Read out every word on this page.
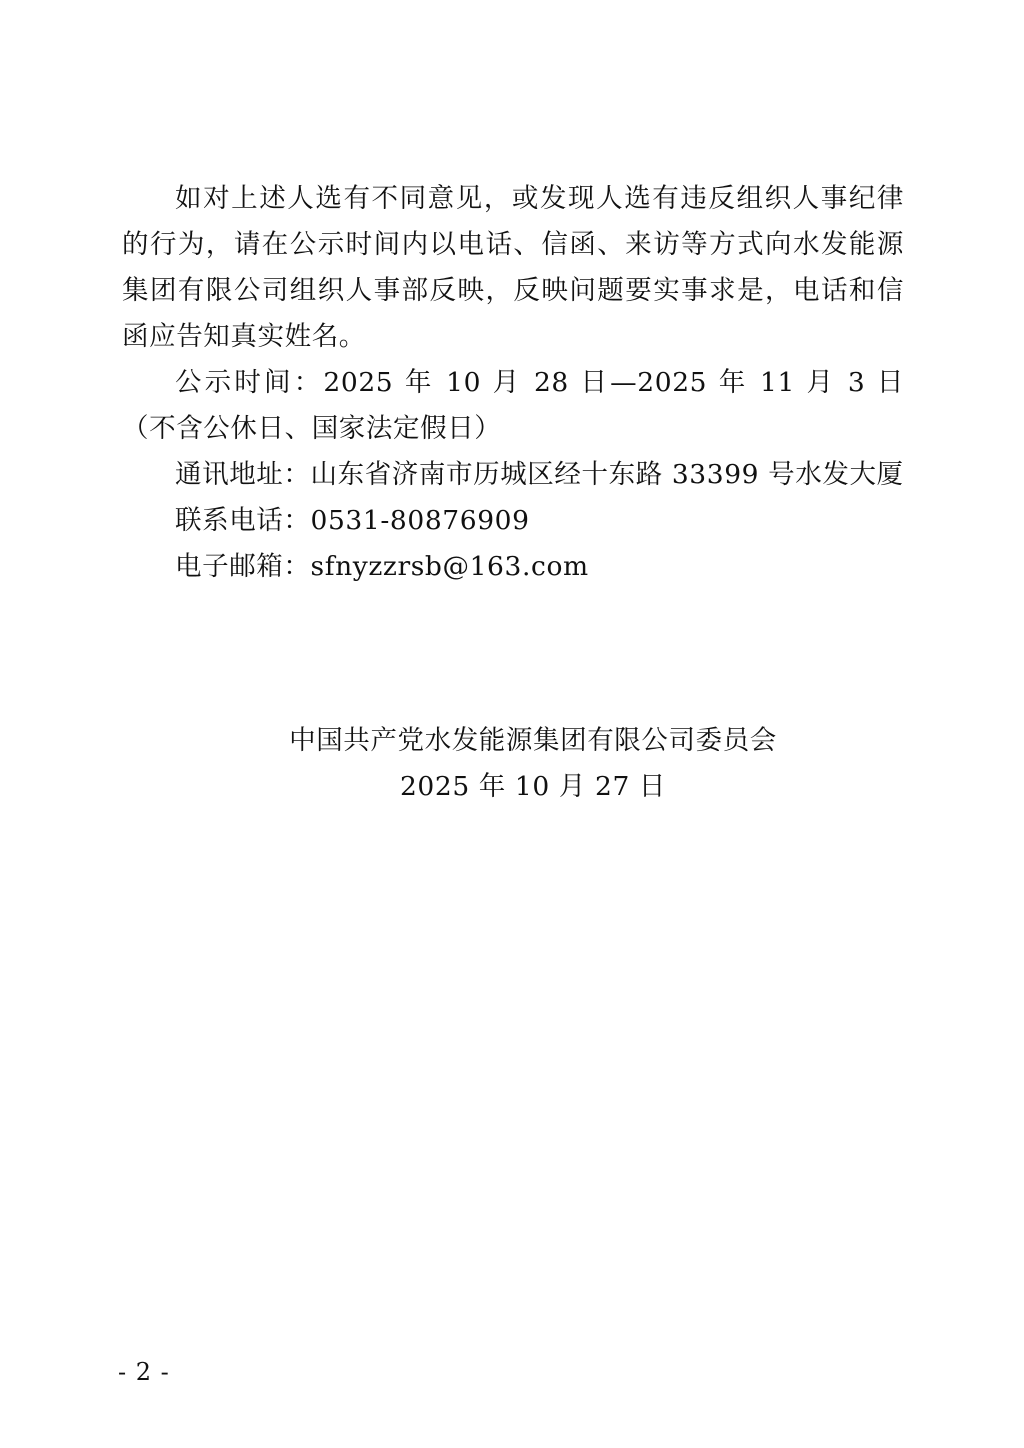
如对上述人选有不同意见，或发现人选有违反组织人事纪律的行为，请在公示时间内以电话、信函、来访等方式向水发能源集团有限公司组织人事部反映，反映问题要实事求是，电话和信函应告知真实姓名。

公示时间：2025 年 10 月 28 日—2025 年 11 月 3 日（不含公休日、国家法定假日）

通讯地址：山东省济南市历城区经十东路 33399 号水发大厦

联系电话：0531-80876909

电子邮箱：sfnyzzrsb@163.com

中国共产党水发能源集团有限公司委员会
2025 年 10 月 27 日
- 2 -
